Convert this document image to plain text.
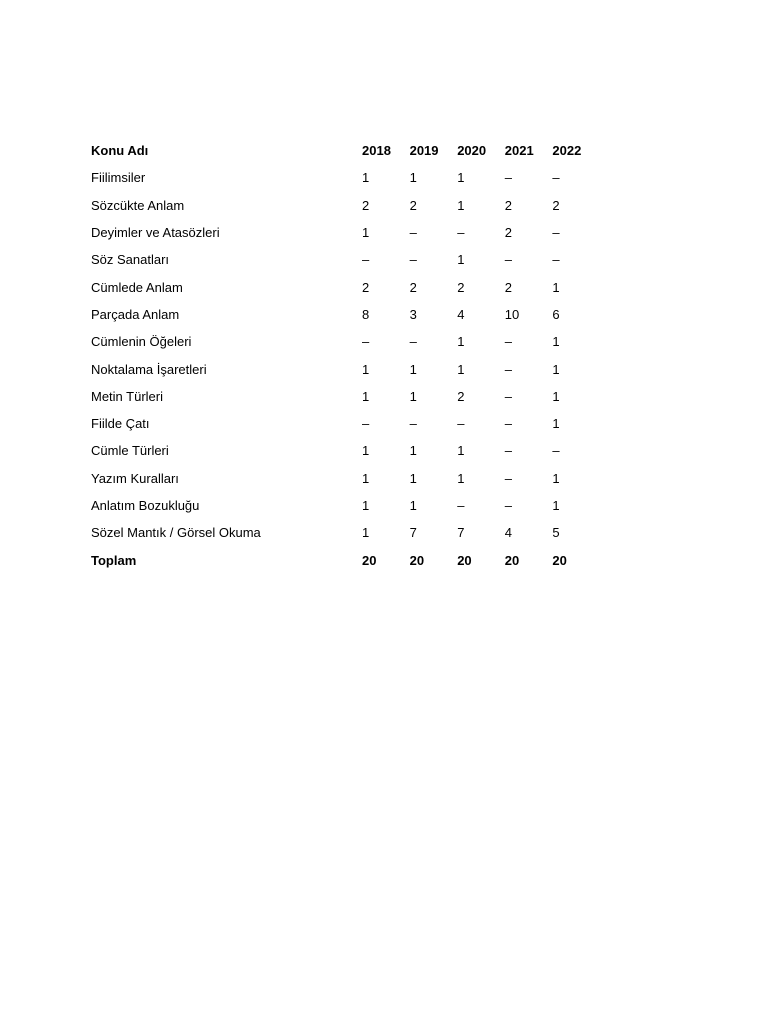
Konu Adı	2018	2019	2020	2021	2022
Fiilimsiler	1	1	1	–	–
Sözcükte Anlam	2	2	1	2	2
Deyimler ve Atasözleri	1	–	–	2	–
Söz Sanatları	–	–	1	–	–
Cümlede Anlam	2	2	2	2	1
Parçada Anlam	8	3	4	10	6
Cümlenin Öğeleri	–	–	1	–	1
Noktalama İşaretleri	1	1	1	–	1
Metin Türleri	1	1	2	–	1
Fiilde Çatı	–	–	–	–	1
Cümle Türleri	1	1	1	–	–
Yazım Kuralları	1	1	1	–	1
Anlatım Bozukluğu	1	1	–	–	1
Sözel Mantık / Görsel Okuma	1	7	7	4	5
Toplam	20	20	20	20	20
